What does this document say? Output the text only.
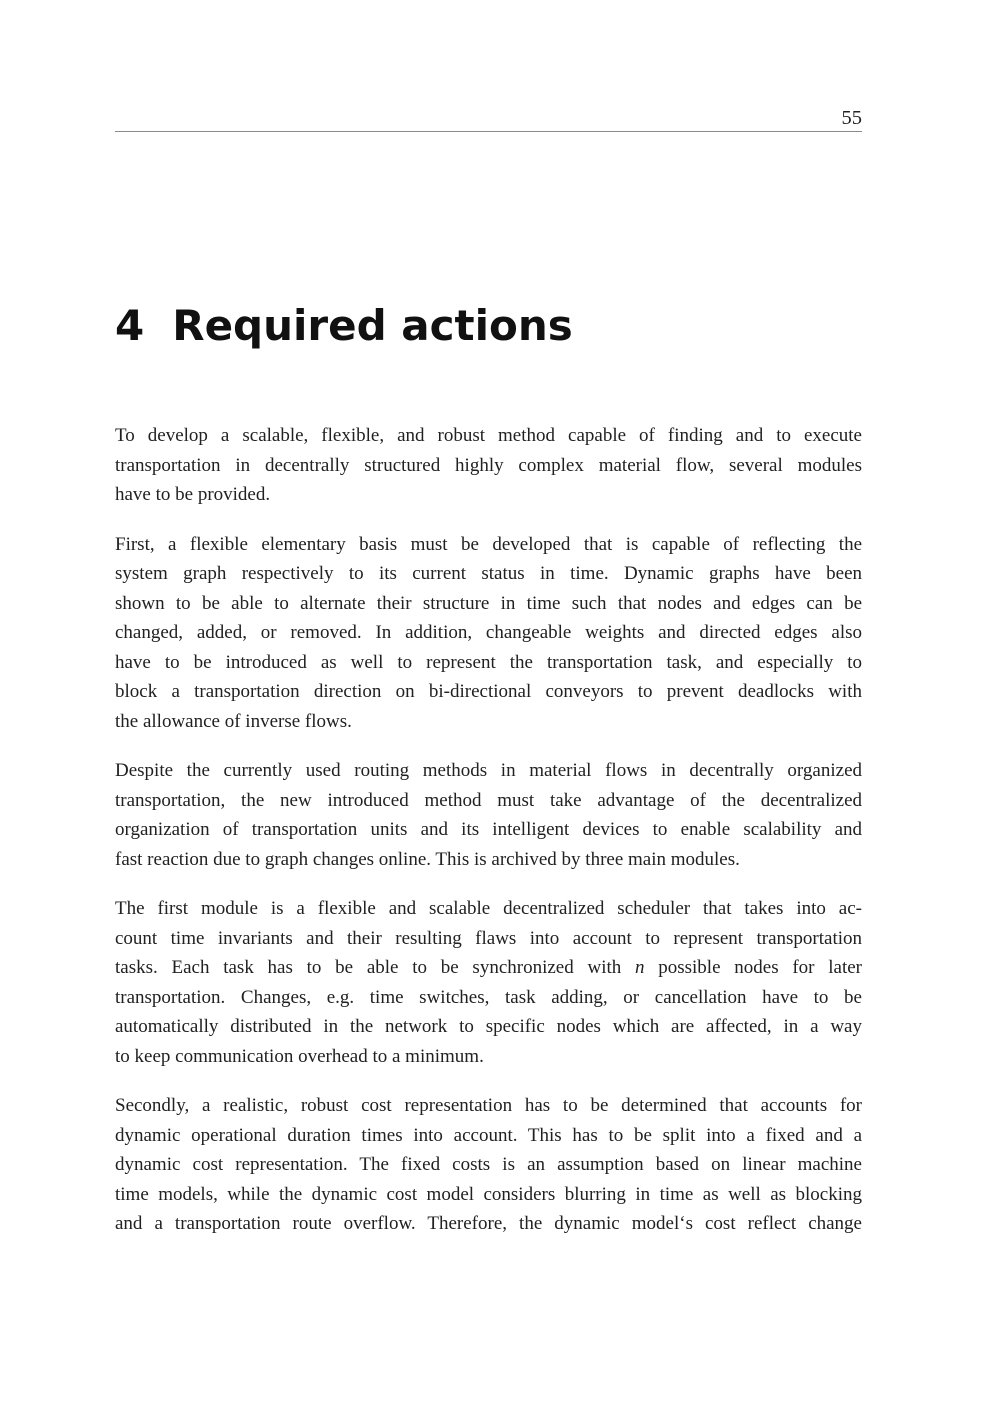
55
4 Required actions
To develop a scalable, flexible, and robust method capable of finding and to execute
transportation in decentrally structured highly complex material flow, several modules
have to be provided.
First, a flexible elementary basis must be developed that is capable of reflecting the
system graph respectively to its current status in time. Dynamic graphs have been
shown to be able to alternate their structure in time such that nodes and edges can be
changed, added, or removed. In addition, changeable weights and directed edges also
have to be introduced as well to represent the transportation task, and especially to
block a transportation direction on bi-directional conveyors to prevent deadlocks with
the allowance of inverse flows.
Despite the currently used routing methods in material flows in decentrally organized
transportation, the new introduced method must take advantage of the decentralized
organization of transportation units and its intelligent devices to enable scalability and
fast reaction due to graph changes online. This is archived by three main modules.
The first module is a flexible and scalable decentralized scheduler that takes into ac-
count time invariants and their resulting flaws into account to represent transportation
tasks. Each task has to be able to be synchronized with n possible nodes for later
transportation. Changes, e.g. time switches, task adding, or cancellation have to be
automatically distributed in the network to specific nodes which are affected, in a way
to keep communication overhead to a minimum.
Secondly, a realistic, robust cost representation has to be determined that accounts for
dynamic operational duration times into account. This has to be split into a fixed and a
dynamic cost representation. The fixed costs is an assumption based on linear machine
time models, while the dynamic cost model considers blurring in time as well as blocking
and a transportation route overflow. Therefore, the dynamic model‘s cost reflect change
